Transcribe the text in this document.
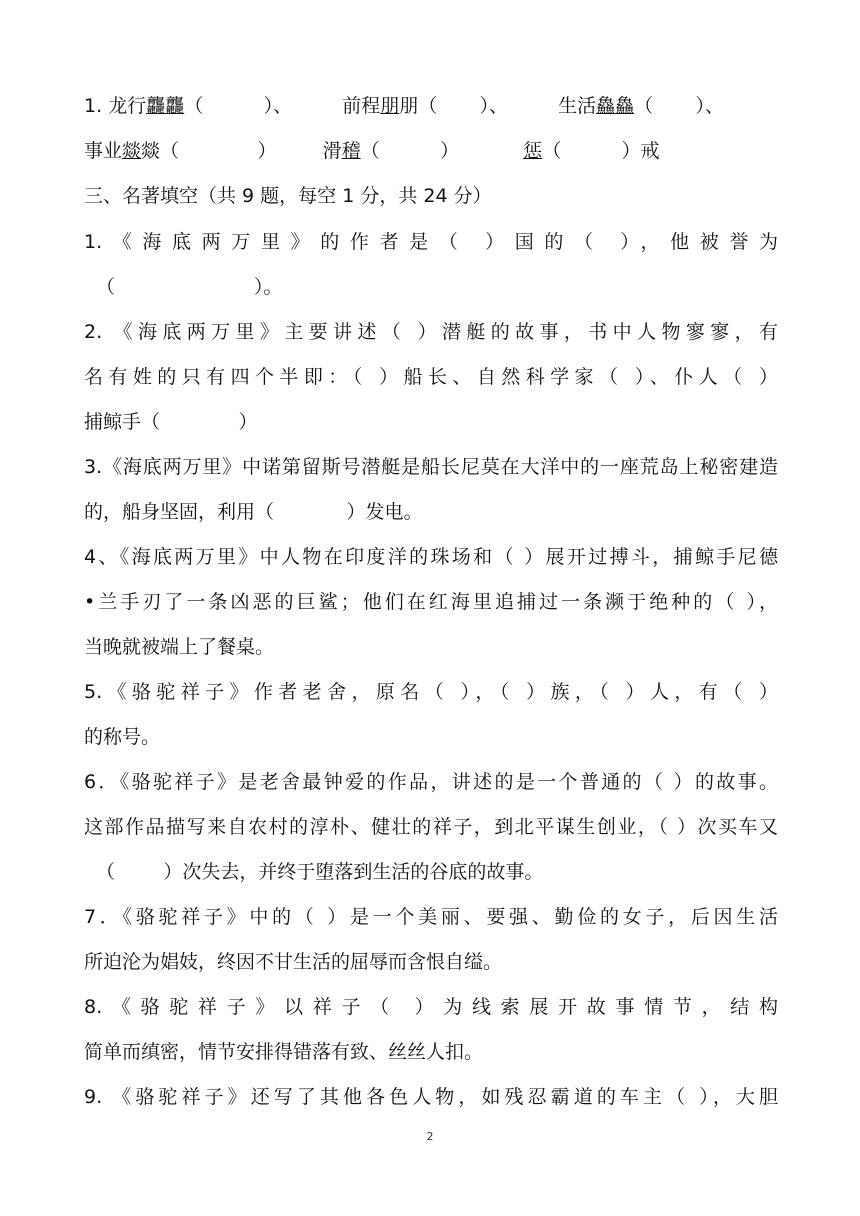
1. 龙行龘龘（          ）、	前程朋朋（       ）、	生活鱻鱻（       ）、
事业燚燚（             ） 滑稽（          ）	惩（          ）戒
三、名著填空（共 9 题，每空 1 分，共 24 分）
1.《海底两万里》的作者是（ ）国的（ ），他被誉为
（                       ）。
2. 《海底两万里》主要讲述（ ）潜艇的故事，书中人物寥寥，有
名有姓的只有四个半即：（ ）船长、自然科学家（ ）、仆人（ ）
捕鲸手（             ）
3.《海底两万里》中诺第留斯号潜艇是船长尼莫在大洋中的一座荒岛上秘密建造
的，船身坚固，利用（            ）发电。
4、《海底两万里》中人物在印度洋的珠场和（ ）展开过搏斗，捕鲸手尼德
•兰手刃了一条凶恶的巨鲨；他们在红海里追捕过一条濒于绝种的（ ），
当晚就被端上了餐桌。
5.《骆驼祥子》作者老舍，原名（ ），（ ）族，（ ）人，有（ ）
的称号。
6．《骆驼祥子》是老舍最钟爱的作品，讲述的是一个普通的（ ）的故事。
这部作品描写来自农村的淳朴、健壮的祥子，到北平谋生创业，（ ）次买车又
（        ）次失去，并终于堕落到生活的谷底的故事。
7．《骆驼祥子》中的（ ）是一个美丽、要强、勤俭的女子，后因生活
所迫沦为娼妓，终因不甘生活的屈辱而含恨自缢。
8.《骆驼祥子》以祥子（ ）为线索展开故事情节，结构
简单而缜密，情节安排得错落有致、丝丝人扣。
9. 《骆驼祥子》还写了其他各色人物，如残忍霸道的车主（ ），大胆
2
